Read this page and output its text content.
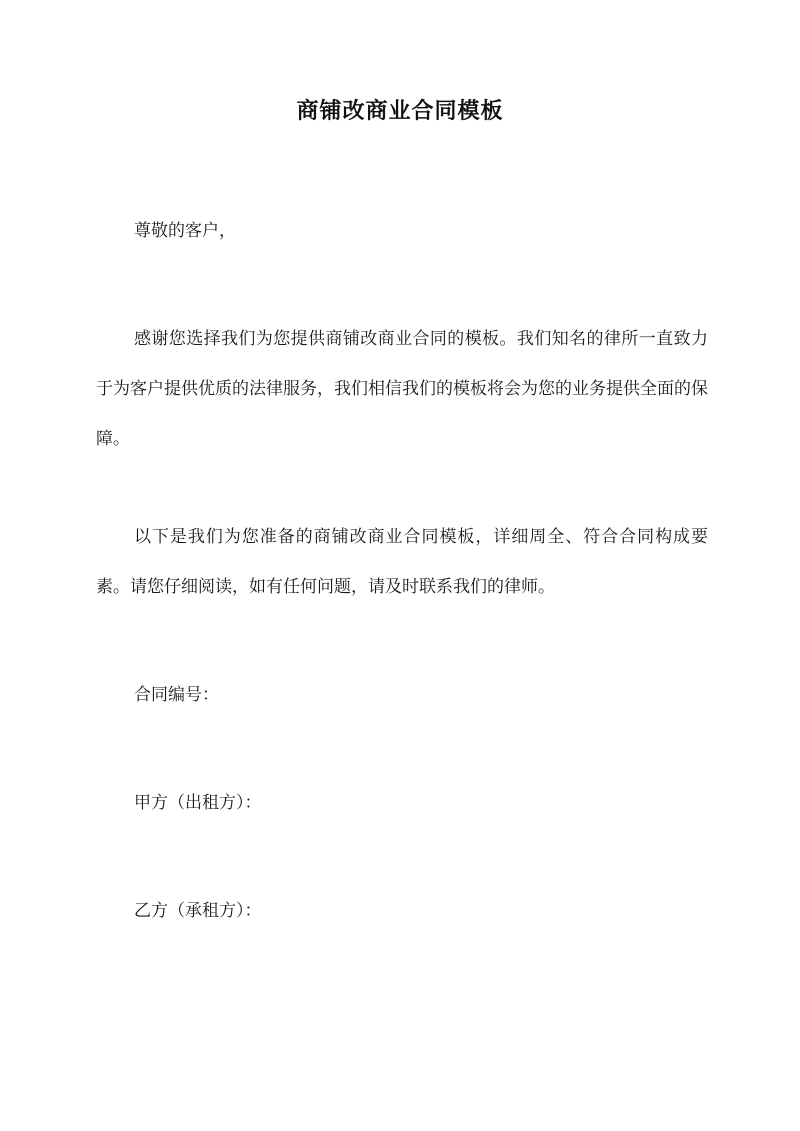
商铺改商业合同模板
尊敬的客户，
感谢您选择我们为您提供商铺改商业合同的模板。我们知名的律所一直致力于为客户提供优质的法律服务，我们相信我们的模板将会为您的业务提供全面的保障。
以下是我们为您准备的商铺改商业合同模板，详细周全、符合合同构成要素。请您仔细阅读，如有任何问题，请及时联系我们的律师。
合同编号：
甲方（出租方）：
乙方（承租方）：
